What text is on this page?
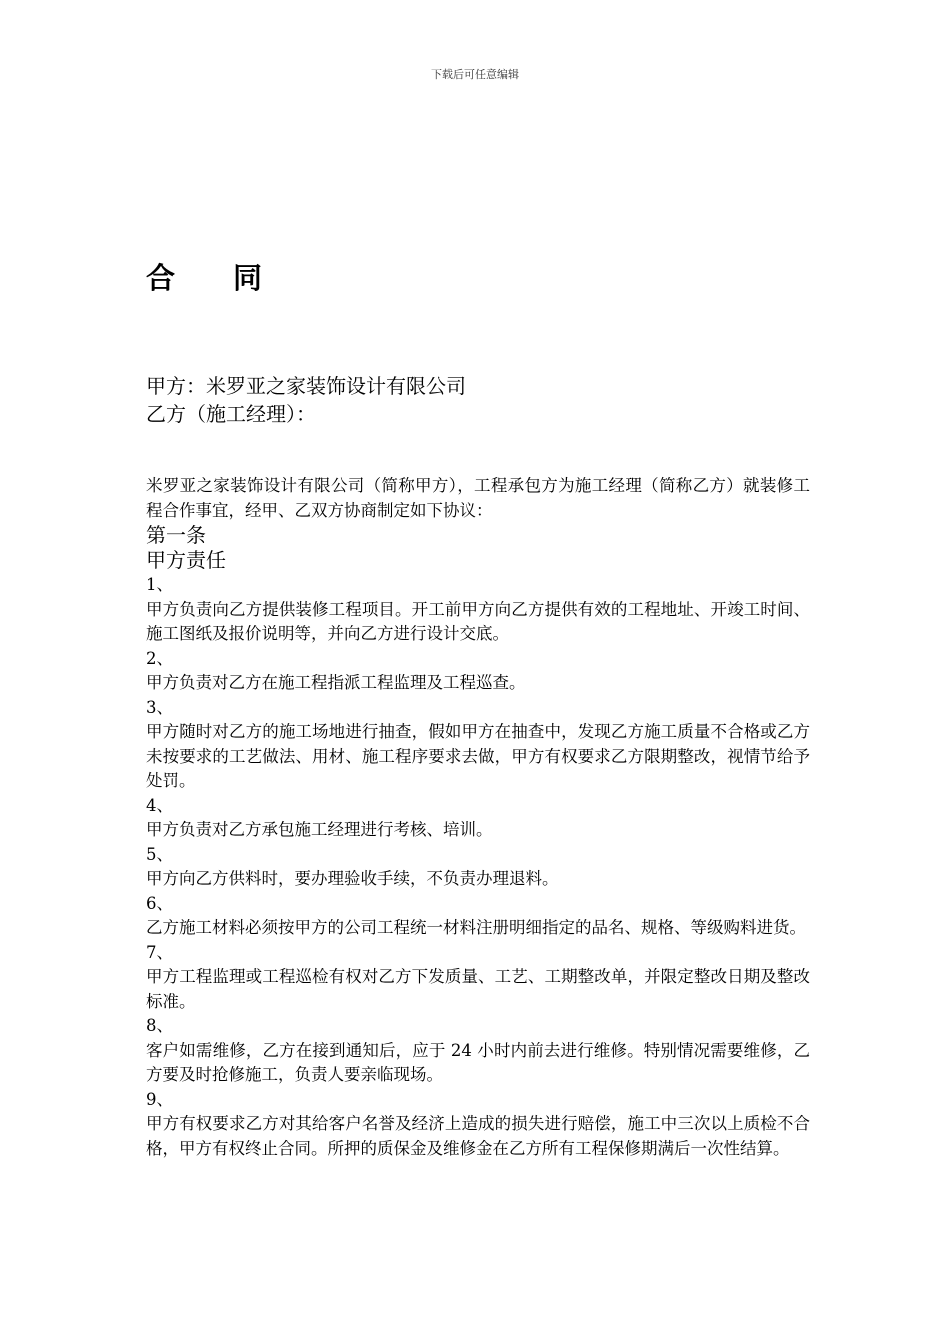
下载后可任意编辑
合 同
甲方：米罗亚之家装饰设计有限公司
乙方（施工经理）：

米罗亚之家装饰设计有限公司（简称甲方），工程承包方为施工经理（简称乙方）就装修工程合作事宜，经甲、乙双方协商制定如下协议：

第一条

甲方责任

1、

甲方负责向乙方提供装修工程项目。开工前甲方向乙方提供有效的工程地址、开竣工时间、施工图纸及报价说明等，并向乙方进行设计交底。

2、

甲方负责对乙方在施工程指派工程监理及工程巡查。

3、

甲方随时对乙方的施工场地进行抽查，假如甲方在抽查中，发现乙方施工质量不合格或乙方未按要求的工艺做法、用材、施工程序要求去做，甲方有权要求乙方限期整改，视情节给予处罚。

4、

甲方负责对乙方承包施工经理进行考核、培训。

5、

甲方向乙方供料时，要办理验收手续，不负责办理退料。

6、

乙方施工材料必须按甲方的公司工程统一材料注册明细指定的品名、规格、等级购料进货。

7、

甲方工程监理或工程巡检有权对乙方下发质量、工艺、工期整改单，并限定整改日期及整改标准。

8、

客户如需维修，乙方在接到通知后，应于 24 小时内前去进行维修。特别情况需要维修，乙方要及时抢修施工，负责人要亲临现场。

9、

甲方有权要求乙方对其给客户名誉及经济上造成的损失进行赔偿，施工中三次以上质检不合格，甲方有权终止合同。所押的质保金及维修金在乙方所有工程保修期满后一次性结算。
